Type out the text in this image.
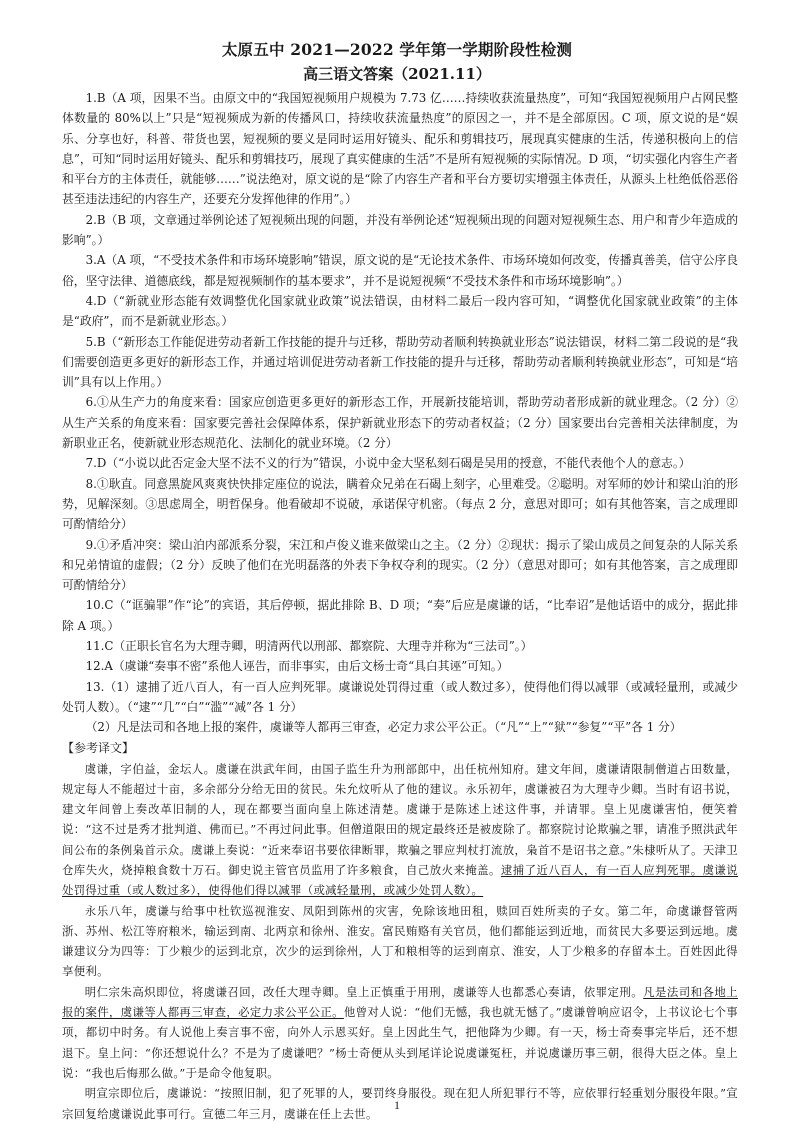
太原五中 2021—2022 学年第一学期阶段性检测
高三语文答案（2021.11）

1.B（A 项，因果不当。由原文中的“我国短视频用户规模为 7.73 亿……持续收获流量热度”，可知“我国短视频用户占网民整体数量的 80%以上”只是“短视频成为新的传播风口，持续收获流量热度”的原因之一，并不是全部原因。C 项，原文说的是“娱乐、分享也好，科普、带货也罢，短视频的要义是同时运用好镜头、配乐和剪辑技巧，展现真实健康的生活，传递积极向上的信息”，可知“同时运用好镜头、配乐和剪辑技巧，展现了真实健康的生活”不是所有短视频的实际情况。D 项，“切实强化内容生产者和平台方的主体责任，就能够……”说法绝对，原文说的是“除了内容生产者和平台方要切实增强主体责任，从源头上杜绝低俗恶俗甚至违法违纪的内容生产，还要充分发挥他律的作用”。）

2.B（B 项，文章通过举例论述了短视频出现的问题，并没有举例论述“短视频出现的问题对短视频生态、用户和青少年造成的影响”。）

3.A（A 项，“不受技术条件和市场环境影响”错误，原文说的是“无论技术条件、市场环境如何改变，传播真善美，信守公序良俗，坚守法律、道德底线，都是短视频制作的基本要求”，并不是说短视频“不受技术条件和市场环境影响”。）

4.D（“新就业形态能有效调整优化国家就业政策”说法错误，由材料二最后一段内容可知，“调整优化国家就业政策”的主体是“政府”，而不是新就业形态。）

5.B（“新形态工作能促进劳动者新工作技能的提升与迁移，帮助劳动者顺利转换就业形态”说法错误，材料二第二段说的是“我们需要创造更多更好的新形态工作，并通过培训促进劳动者新工作技能的提升与迁移，帮助劳动者顺利转换就业形态”，可知是“培训”具有以上作用。）

6.①从生产力的角度来看：国家应创造更多更好的新形态工作，开展新技能培训，帮助劳动者形成新的就业理念。（2 分）②从生产关系的角度来看：国家要完善社会保障体系，保护新就业形态下的劳动者权益；（2 分）国家要出台完善相关法律制度，为新职业正名，使新就业形态规范化、法制化的就业环境。（2 分）

7.D（“小说以此否定金大坚不法不义的行为”错误，小说中金大坚私刻石碣是吴用的授意，不能代表他个人的意志。）

8.①耿直。同意黑旋风爽爽快快排定座位的说法，瞒着众兄弟在石碣上刻字，心里难受。②聪明。对军师的妙计和梁山泊的形势，见解深刻。③思虑周全，明哲保身。他看破却不说破，承诺保守机密。（每点 2 分，意思对即可；如有其他答案，言之成理即可酌情给分）

9.①矛盾冲突：梁山泊内部派系分裂，宋江和卢俊义谁来做梁山之主。（2 分）②现状：揭示了梁山成员之间复杂的人际关系和兄弟情谊的虚假；（2 分）反映了他们在光明磊落的外表下争权夺利的现实。（2 分）（意思对即可；如有其他答案，言之成理即可酌情给分）

10.C（“诓骗罪”作“论”的宾语，其后停顿，据此排除 B、D 项；“奏”后应是虞谦的话，“比奉诏”是他话语中的成分，据此排除 A 项。）

11.C（正职长官名为大理寺卿，明清两代以刑部、都察院、大理寺并称为“三法司”。）

12.A（虞谦“奏事不密”系他人诬告，而非事实，由后文杨士奇“具白其诬”可知。）

13.（1）逮捕了近八百人，有一百人应判死罪。虞谦说处罚得过重（或人数过多），使得他们得以减罪（或减轻量刑，或减少处罚人数）。（“逮”“几”“白”“滥”“减”各 1 分）

（2）凡是法司和各地上报的案件，虞谦等人都再三审查，必定力求公平公正。（“凡”“上”“狱”“参复”“平”各 1 分）

【参考译文】

虞谦，字伯益，金坛人。虞谦在洪武年间，由国子监生升为刑部郎中，出任杭州知府。建文年间，虞谦请限制僧道占田数量，规定每人不能超过十亩，多余部分分给无田的贫民。朱允炆听从了他的建议。永乐初年，虞谦被召为大理寺少卿。当时有诏书说，建文年间曾上奏改革旧制的人，现在都要当面向皇上陈述清楚。虞谦于是陈述上述这件事，并请罪。皇上见虞谦害怕，便笑着说：“这不过是秀才批判道、佛而已。”不再过问此事。但僧道限田的规定最终还是被废除了。都察院讨论欺骗之罪，请准予照洪武年间公布的条例枭首示众。虞谦上奏说：“近来奉诏书要依律断罪，欺骗之罪应判杖打流放，枭首不是诏书之意。”朱棣听从了。天津卫仓库失火，烧掉粮食数十万石。御史说主管官员监用了许多粮食，自己放火来掩盖。逮捕了近八百人，有一百人应判死罪。虞谦说处罚得过重（或人数过多），使得他们得以减罪（或减轻量刑，或减少处罚人数）。

永乐八年，虞谦与给事中杜钦巡视淮安、凤阳到陈州的灾害，免除该地田租，赎回百姓所卖的子女。第二年，命虞谦督管两浙、苏州、松江等府粮米，输运到南、北两京和徐州、淮安。富民贿赂有关官员，他们都能运到近地，而贫民大多要运到远地。虞谦建议分为四等：丁少粮少的运到北京，次少的运到徐州，人丁和粮相等的运到南京、淮安，人丁少粮多的存留本土。百姓因此得享便利。

明仁宗朱高炽即位，将虞谦召回，改任大理寺卿。皇上正慎重于用刑，虞谦等人也都悉心奏请，依罪定刑。凡是法司和各地上报的案件，虞谦等人都再三审查，必定力求公平公正。他曾对人说：“他们无憾，我也就无憾了。”虞谦曾响应诏令，上书议论七个事项，都切中时务。有人说他上奏言事不密，向外人示恩买好。皇上因此生气，把他降为少卿。有一天，杨士奇奏事完毕后，还不想退下。皇上问：“你还想说什么？不是为了虞谦吧？”杨士奇便从头到尾详论说虞谦冤枉，并说虞谦历事三朝，很得大臣之体。皇上说：“我也后悔那么做。”于是命令他复职。

明宣宗即位后，虞谦说：“按照旧制，犯了死罪的人，要罚终身服役。现在犯人所犯罪行不等，应依罪行轻重划分服役年限。”宣宗回复给虞谦说此事可行。宣德二年三月，虞谦在任上去世。

1
